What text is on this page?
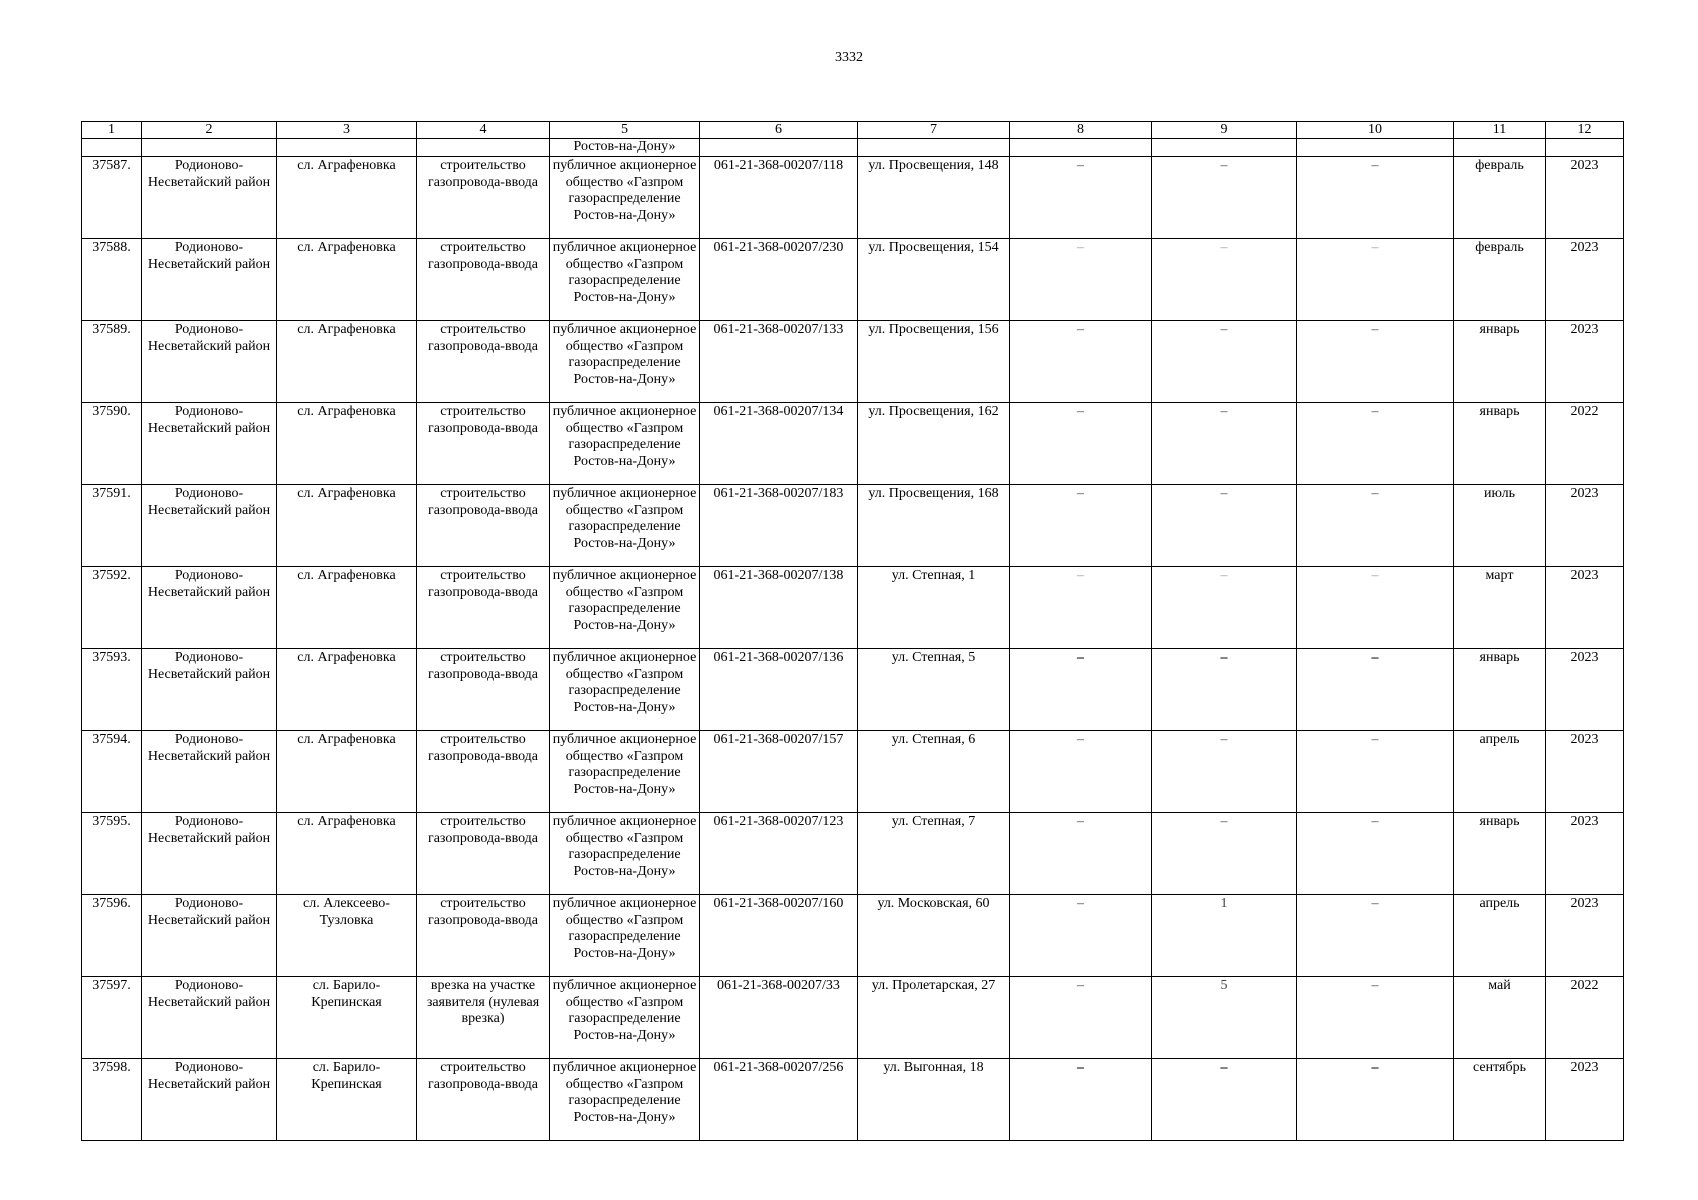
3332
1	2	3	4	5	6	7	8	9	10	11	12
				Ростов-на-Дону»							
37587.	Родионово-Несветайский район	сл. Аграфеновка	строительство газопровода-ввода	публичное акционерное общество «Газпром газораспределение Ростов-на-Дону»	061-21-368-00207/118	ул. Просвещения, 148	–	–	–	февраль	2023
37588.	Родионово-Несветайский район	сл. Аграфеновка	строительство газопровода-ввода	публичное акционерное общество «Газпром газораспределение Ростов-на-Дону»	061-21-368-00207/230	ул. Просвещения, 154	–	–	–	февраль	2023
37589.	Родионово-Несветайский район	сл. Аграфеновка	строительство газопровода-ввода	публичное акционерное общество «Газпром газораспределение Ростов-на-Дону»	061-21-368-00207/133	ул. Просвещения, 156	–	–	–	январь	2023
37590.	Родионово-Несветайский район	сл. Аграфеновка	строительство газопровода-ввода	публичное акционерное общество «Газпром газораспределение Ростов-на-Дону»	061-21-368-00207/134	ул. Просвещения, 162	–	–	–	январь	2022
37591.	Родионово-Несветайский район	сл. Аграфеновка	строительство газопровода-ввода	публичное акционерное общество «Газпром газораспределение Ростов-на-Дону»	061-21-368-00207/183	ул. Просвещения, 168	–	–	–	июль	2023
37592.	Родионово-Несветайский район	сл. Аграфеновка	строительство газопровода-ввода	публичное акционерное общество «Газпром газораспределение Ростов-на-Дону»	061-21-368-00207/138	ул. Степная, 1	–	–	–	март	2023
37593.	Родионово-Несветайский район	сл. Аграфеновка	строительство газопровода-ввода	публичное акционерное общество «Газпром газораспределение Ростов-на-Дону»	061-21-368-00207/136	ул. Степная, 5	–	–	–	январь	2023
37594.	Родионово-Несветайский район	сл. Аграфеновка	строительство газопровода-ввода	публичное акционерное общество «Газпром газораспределение Ростов-на-Дону»	061-21-368-00207/157	ул. Степная, 6	–	–	–	апрель	2023
37595.	Родионово-Несветайский район	сл. Аграфеновка	строительство газопровода-ввода	публичное акционерное общество «Газпром газораспределение Ростов-на-Дону»	061-21-368-00207/123	ул. Степная, 7	–	–	–	январь	2023
37596.	Родионово-Несветайский район	сл. Алексеево-Тузловка	строительство газопровода-ввода	публичное акционерное общество «Газпром газораспределение Ростов-на-Дону»	061-21-368-00207/160	ул. Московская, 60	–	1	–	апрель	2023
37597.	Родионово-Несветайский район	сл. Барило-Крепинская	врезка на участке заявителя (нулевая врезка)	публичное акционерное общество «Газпром газораспределение Ростов-на-Дону»	061-21-368-00207/33	ул. Пролетарская, 27	–	5	–	май	2022
37598.	Родионово-Несветайский район	сл. Барило-Крепинская	строительство газопровода-ввода	публичное акционерное общество «Газпром газораспределение Ростов-на-Дону»	061-21-368-00207/256	ул. Выгонная, 18	–	–	–	сентябрь	2023
